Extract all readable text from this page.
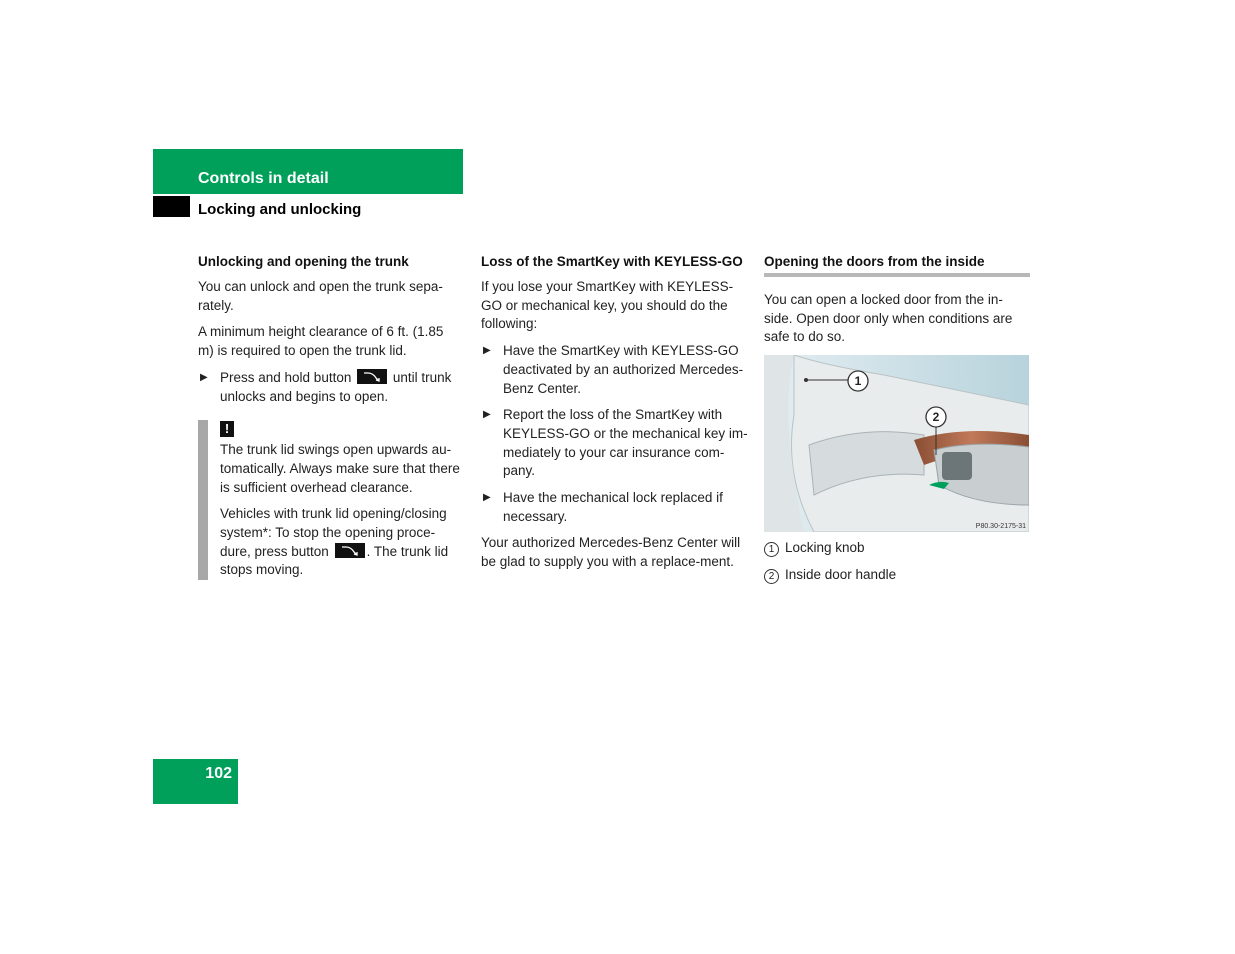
Controls in detail
Locking and unlocking
Unlocking and opening the trunk

You can unlock and open the trunk sepa-rately.

A minimum height clearance of 6 ft. (1.85 m) is required to open the trunk lid.

▶ Press and hold button	until trunk unlocks and begins to open.
!

The trunk lid swings open upwards au-tomatically. Always make sure that there is sufficient overhead clearance.

Vehicles with trunk lid opening/closing system*: To stop the opening proce-dure, press button	. The trunk lid stops moving.

Loss of the SmartKey with KEYLESS-GO

If you lose your SmartKey with KEYLESS-GO or mechanical key, you should do the following:

▶ Have the SmartKey with KEYLESS-GO deactivated by an authorized Mercedes-Benz Center.
▶ Report the loss of the SmartKey with KEYLESS-GO or the mechanical key im-mediately to your car insurance com-pany.
▶ Have the mechanical lock replaced if necessary.

Your authorized Mercedes-Benz Center will be glad to supply you with a replace-ment.

Opening the doors from the inside

You can open a locked door from the in-side. Open door only when conditions are safe to do so.

1
2
P80.30-2175-31

1 Locking knob

2 Inside door handle

102
